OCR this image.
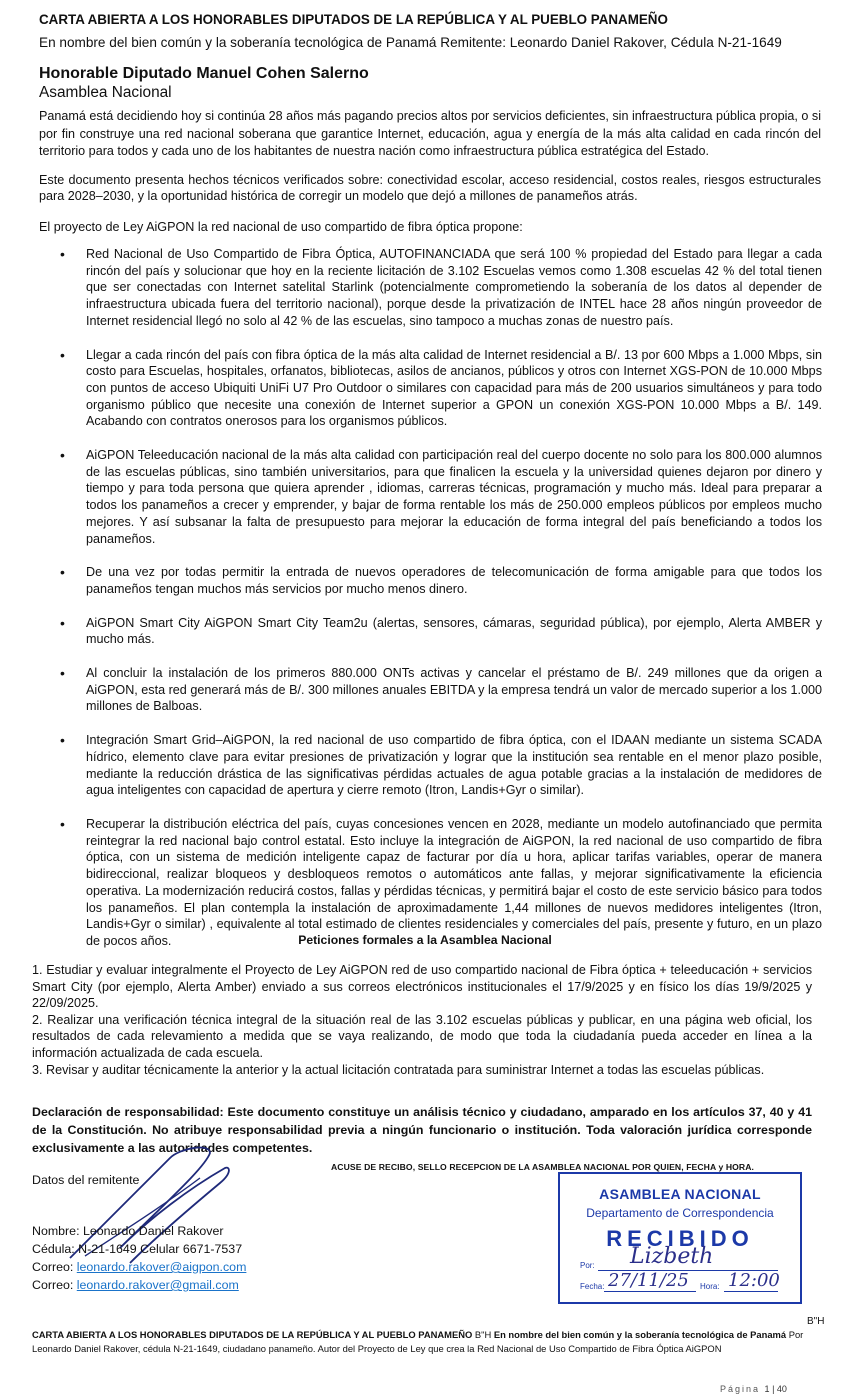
CARTA ABIERTA A LOS HONORABLES DIPUTADOS DE LA REPÚBLICA Y AL PUEBLO PANAMEÑO
En nombre del bien común y la soberanía tecnológica de Panamá Remitente: Leonardo Daniel Rakover, Cédula N-21-1649
Honorable Diputado Manuel Cohen Salerno
Asamblea Nacional
Panamá está decidiendo hoy si continúa 28 años más pagando precios altos por servicios deficientes, sin infraestructura pública propia, o si por fin construye una red nacional soberana que garantice Internet, educación, agua y energía de la más alta calidad en cada rincón del territorio para todos y cada uno de los habitantes de nuestra nación como infraestructura pública estratégica del Estado.
Este documento presenta hechos técnicos verificados sobre: conectividad escolar, acceso residencial, costos reales, riesgos estructurales para 2028–2030, y la oportunidad histórica de corregir un modelo que dejó a millones de panameños atrás.
El proyecto de Ley AiGPON la red nacional de uso compartido de fibra óptica propone:
• Red Nacional de Uso Compartido de Fibra Óptica, AUTOFINANCIADA que será 100 % propiedad del Estado para llegar a cada rincón del país y solucionar que hoy en la reciente licitación de 3.102 Escuelas vemos como 1.308 escuelas 42 % del total tienen que ser conectadas con Internet satelital Starlink (potencialmente comprometiendo la soberanía de los datos al depender de infraestructura ubicada fuera del territorio nacional), porque desde la privatización de INTEL hace 28 años ningún proveedor de Internet residencial llegó no solo al 42 % de las escuelas, sino tampoco a muchas zonas de nuestro país.
• Llegar a cada rincón del país con fibra óptica de la más alta calidad de Internet residencial a B/. 13 por 600 Mbps a 1.000 Mbps, sin costo para Escuelas, hospitales, orfanatos, bibliotecas, asilos de ancianos, públicos y otros con Internet XGS-PON de 10.000 Mbps con puntos de acceso Ubiquiti UniFi U7 Pro Outdoor o similares con capacidad para más de 200 usuarios simultáneos y para todo organismo público que necesite una conexión de Internet superior a GPON un conexión XGS-PON 10.000 Mbps a B/. 149. Acabando con contratos onerosos para los organismos públicos.
• AiGPON Teleeducación nacional de la más alta calidad con participación real del cuerpo docente no solo para los 800.000 alumnos de las escuelas públicas, sino también universitarios, para que finalicen la escuela y la universidad quienes dejaron por dinero y tiempo y para toda persona que quiera aprender , idiomas, carreras técnicas, programación y mucho más. Ideal para preparar a todos los panameños a crecer y emprender, y bajar de forma rentable los más de 250.000 empleos públicos por empleos mucho mejores. Y así subsanar la falta de presupuesto para mejorar la educación de forma integral del país beneficiando a todos los panameños.
• De una vez por todas permitir la entrada de nuevos operadores de telecomunicación de forma amigable para que todos los panameños tengan muchos más servicios por mucho menos dinero.
• AiGPON Smart City AiGPON Smart City Team2u (alertas, sensores, cámaras, seguridad pública), por ejemplo, Alerta AMBER y mucho más.
• Al concluir la instalación de los primeros 880.000 ONTs activas y cancelar el préstamo de B/. 249 millones que da origen a AiGPON, esta red generará más de B/. 300 millones anuales EBITDA y la empresa tendrá un valor de mercado superior a los 1.000 millones de Balboas.
• Integración Smart Grid–AiGPON, la red nacional de uso compartido de fibra óptica, con el IDAAN mediante un sistema SCADA hídrico, elemento clave para evitar presiones de privatización y lograr que la institución sea rentable en el menor plazo posible, mediante la reducción drástica de las significativas pérdidas actuales de agua potable gracias a la instalación de medidores de agua inteligentes con capacidad de apertura y cierre remoto (Itron, Landis+Gyr o similar).
• Recuperar la distribución eléctrica del país, cuyas concesiones vencen en 2028, mediante un modelo autofinanciado que permita reintegrar la red nacional bajo control estatal. Esto incluye la integración de AiGPON, la red nacional de uso compartido de fibra óptica, con un sistema de medición inteligente capaz de facturar por día u hora, aplicar tarifas variables, operar de manera bidireccional, realizar bloqueos y desbloqueos remotos o automáticos ante fallas, y mejorar significativamente la eficiencia operativa. La modernización reducirá costos, fallas y pérdidas técnicas, y permitirá bajar el costo de este servicio básico para todos los panameños. El plan contempla la instalación de aproximadamente 1,44 millones de nuevos medidores inteligentes (Itron, Landis+Gyr o similar) , equivalente al total estimado de clientes residenciales y comerciales del país, presente y futuro, en un plazo de pocos años.	Peticiones formales a la Asamblea Nacional

1. Estudiar y evaluar integralmente el Proyecto de Ley AiGPON red de uso compartido nacional de Fibra óptica + teleeducación + servicios Smart City (por ejemplo, Alerta Amber) enviado a sus correos electrónicos institucionales el 17/9/2025 y en físico los días 19/9/2025 y 22/09/2025.

2. Realizar una verificación técnica integral de la situación real de las 3.102 escuelas públicas y publicar, en una página web oficial, los resultados de cada relevamiento a medida que se vaya realizando, de modo que toda la ciudadanía pueda acceder en línea a la información actualizada de cada escuela.

3. Revisar y auditar técnicamente la anterior y la actual licitación contratada para suministrar Internet a todas las escuelas públicas.

Declaración de responsabilidad: Este documento constituye un análisis técnico y ciudadano, amparado en los artículos 37, 40 y 41 de la Constitución. No atribuye responsabilidad previa a ningún funcionario o institución. Toda valoración jurídica corresponde exclusivamente a las autoridades competentes.
ACUSE DE RECIBO, SELLO RECEPCION DE LA ASAMBLEA NACIONAL POR QUIEN, FECHA y HORA.
Datos del remitente
Nombre: Leonardo Daniel Rakover
Cédula: N-21-1649 Celular 6671-7537
Correo: leonardo.rakover@aigpon.com
Correo: leonardo.rakover@gmail.com
ASAMBLEA NACIONAL
Departamento de Correspondencia
RECIBIDO
Por: Lizbeth
Fecha: 27/11/25 Hora: 12:00
B"H
CARTA ABIERTA A LOS HONORABLES DIPUTADOS DE LA REPÚBLICA Y AL PUEBLO PANAMEÑO B"H En nombre del bien común y la soberanía tecnológica de Panamá Por Leonardo Daniel Rakover, cédula N-21-1649, ciudadano panameño. Autor del Proyecto de Ley que crea la Red Nacional de Uso Compartido de Fibra Óptica AiGPON
Página 1 | 40
